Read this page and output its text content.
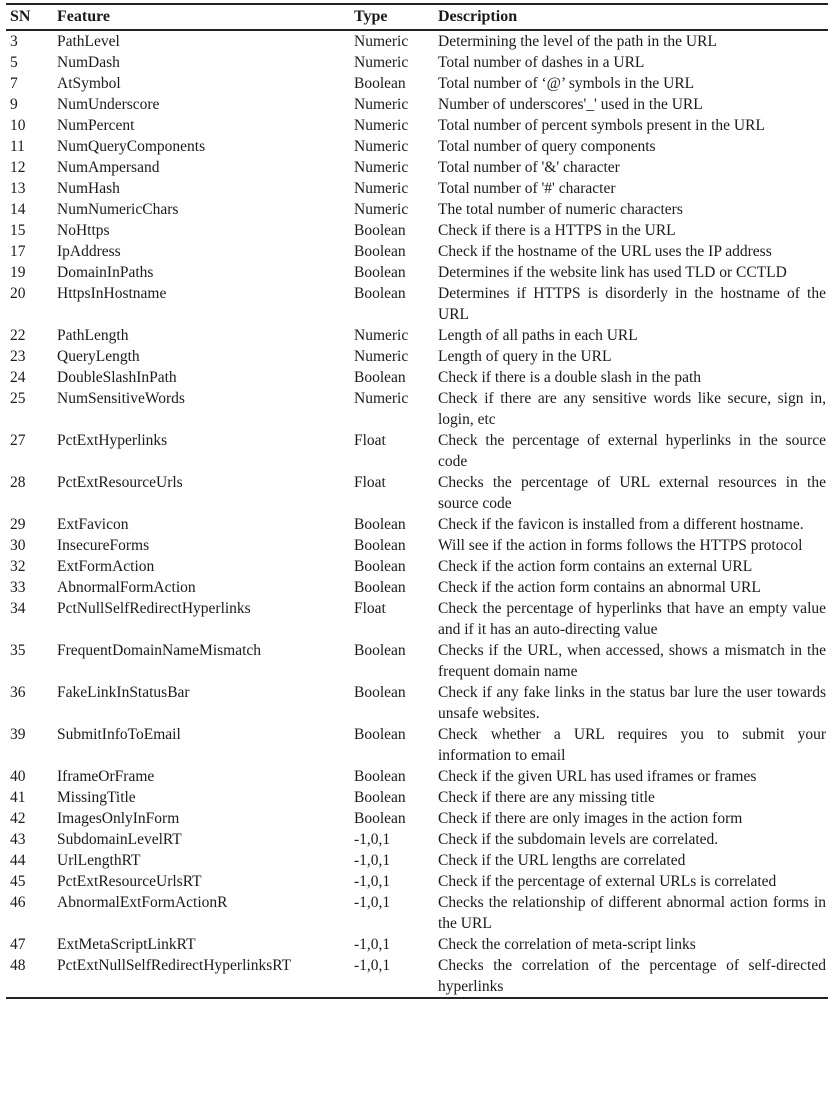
SN	Feature	Type	Description
3	PathLevel	Numeric	Determining the level of the path in the URL
5	NumDash	Numeric	Total number of dashes in a URL
7	AtSymbol	Boolean	Total number of ‘@’ symbols in the URL
9	NumUnderscore	Numeric	Number of underscores'_' used in the URL
10	NumPercent	Numeric	Total number of percent symbols present in the URL
11	NumQueryComponents	Numeric	Total number of query components
12	NumAmpersand	Numeric	Total number of '&' character
13	NumHash	Numeric	Total number of '#' character
14	NumNumericChars	Numeric	The total number of numeric characters
15	NoHttps	Boolean	Check if there is a HTTPS in the URL
17	IpAddress	Boolean	Check if the hostname of the URL uses the IP address
19	DomainInPaths	Boolean	Determines if the website link has used TLD or CCTLD
20	HttpsInHostname	Boolean	Determines if HTTPS is disorderly in the hostname of the URL
22	PathLength	Numeric	Length of all paths in each URL
23	QueryLength	Numeric	Length of query in the URL
24	DoubleSlashInPath	Boolean	Check if there is a double slash in the path
25	NumSensitiveWords	Numeric	Check if there are any sensitive words like secure, sign in, login, etc
27	PctExtHyperlinks	Float	Check the percentage of external hyperlinks in the source code
28	PctExtResourceUrls	Float	Checks the percentage of URL external resources in the source code
29	ExtFavicon	Boolean	Check if the favicon is installed from a different hostname.
30	InsecureForms	Boolean	Will see if the action in forms follows the HTTPS protocol
32	ExtFormAction	Boolean	Check if the action form contains an external URL
33	AbnormalFormAction	Boolean	Check if the action form contains an abnormal URL
34	PctNullSelfRedirectHyperlinks	Float	Check the percentage of hyperlinks that have an empty value and if it has an auto-directing value
35	FrequentDomainNameMismatch	Boolean	Checks if the URL, when accessed, shows a mismatch in the frequent domain name
36	FakeLinkInStatusBar	Boolean	Check if any fake links in the status bar lure the user towards unsafe websites.
39	SubmitInfoToEmail	Boolean	Check whether a URL requires you to submit your information to email
40	IframeOrFrame	Boolean	Check if the given URL has used iframes or frames
41	MissingTitle	Boolean	Check if there are any missing title
42	ImagesOnlyInForm	Boolean	Check if there are only images in the action form
43	SubdomainLevelRT	-1,0,1	Check if the subdomain levels are correlated.
44	UrlLengthRT	-1,0,1	Check if the URL lengths are correlated
45	PctExtResourceUrlsRT	-1,0,1	Check if the percentage of external URLs is correlated
46	AbnormalExtFormActionR	-1,0,1	Checks the relationship of different abnormal action forms in the URL
47	ExtMetaScriptLinkRT	-1,0,1	Check the correlation of meta-script links
48	PctExtNullSelfRedirectHyperlinksRT	-1,0,1	Checks the correlation of the percentage of self-directed hyperlinks
